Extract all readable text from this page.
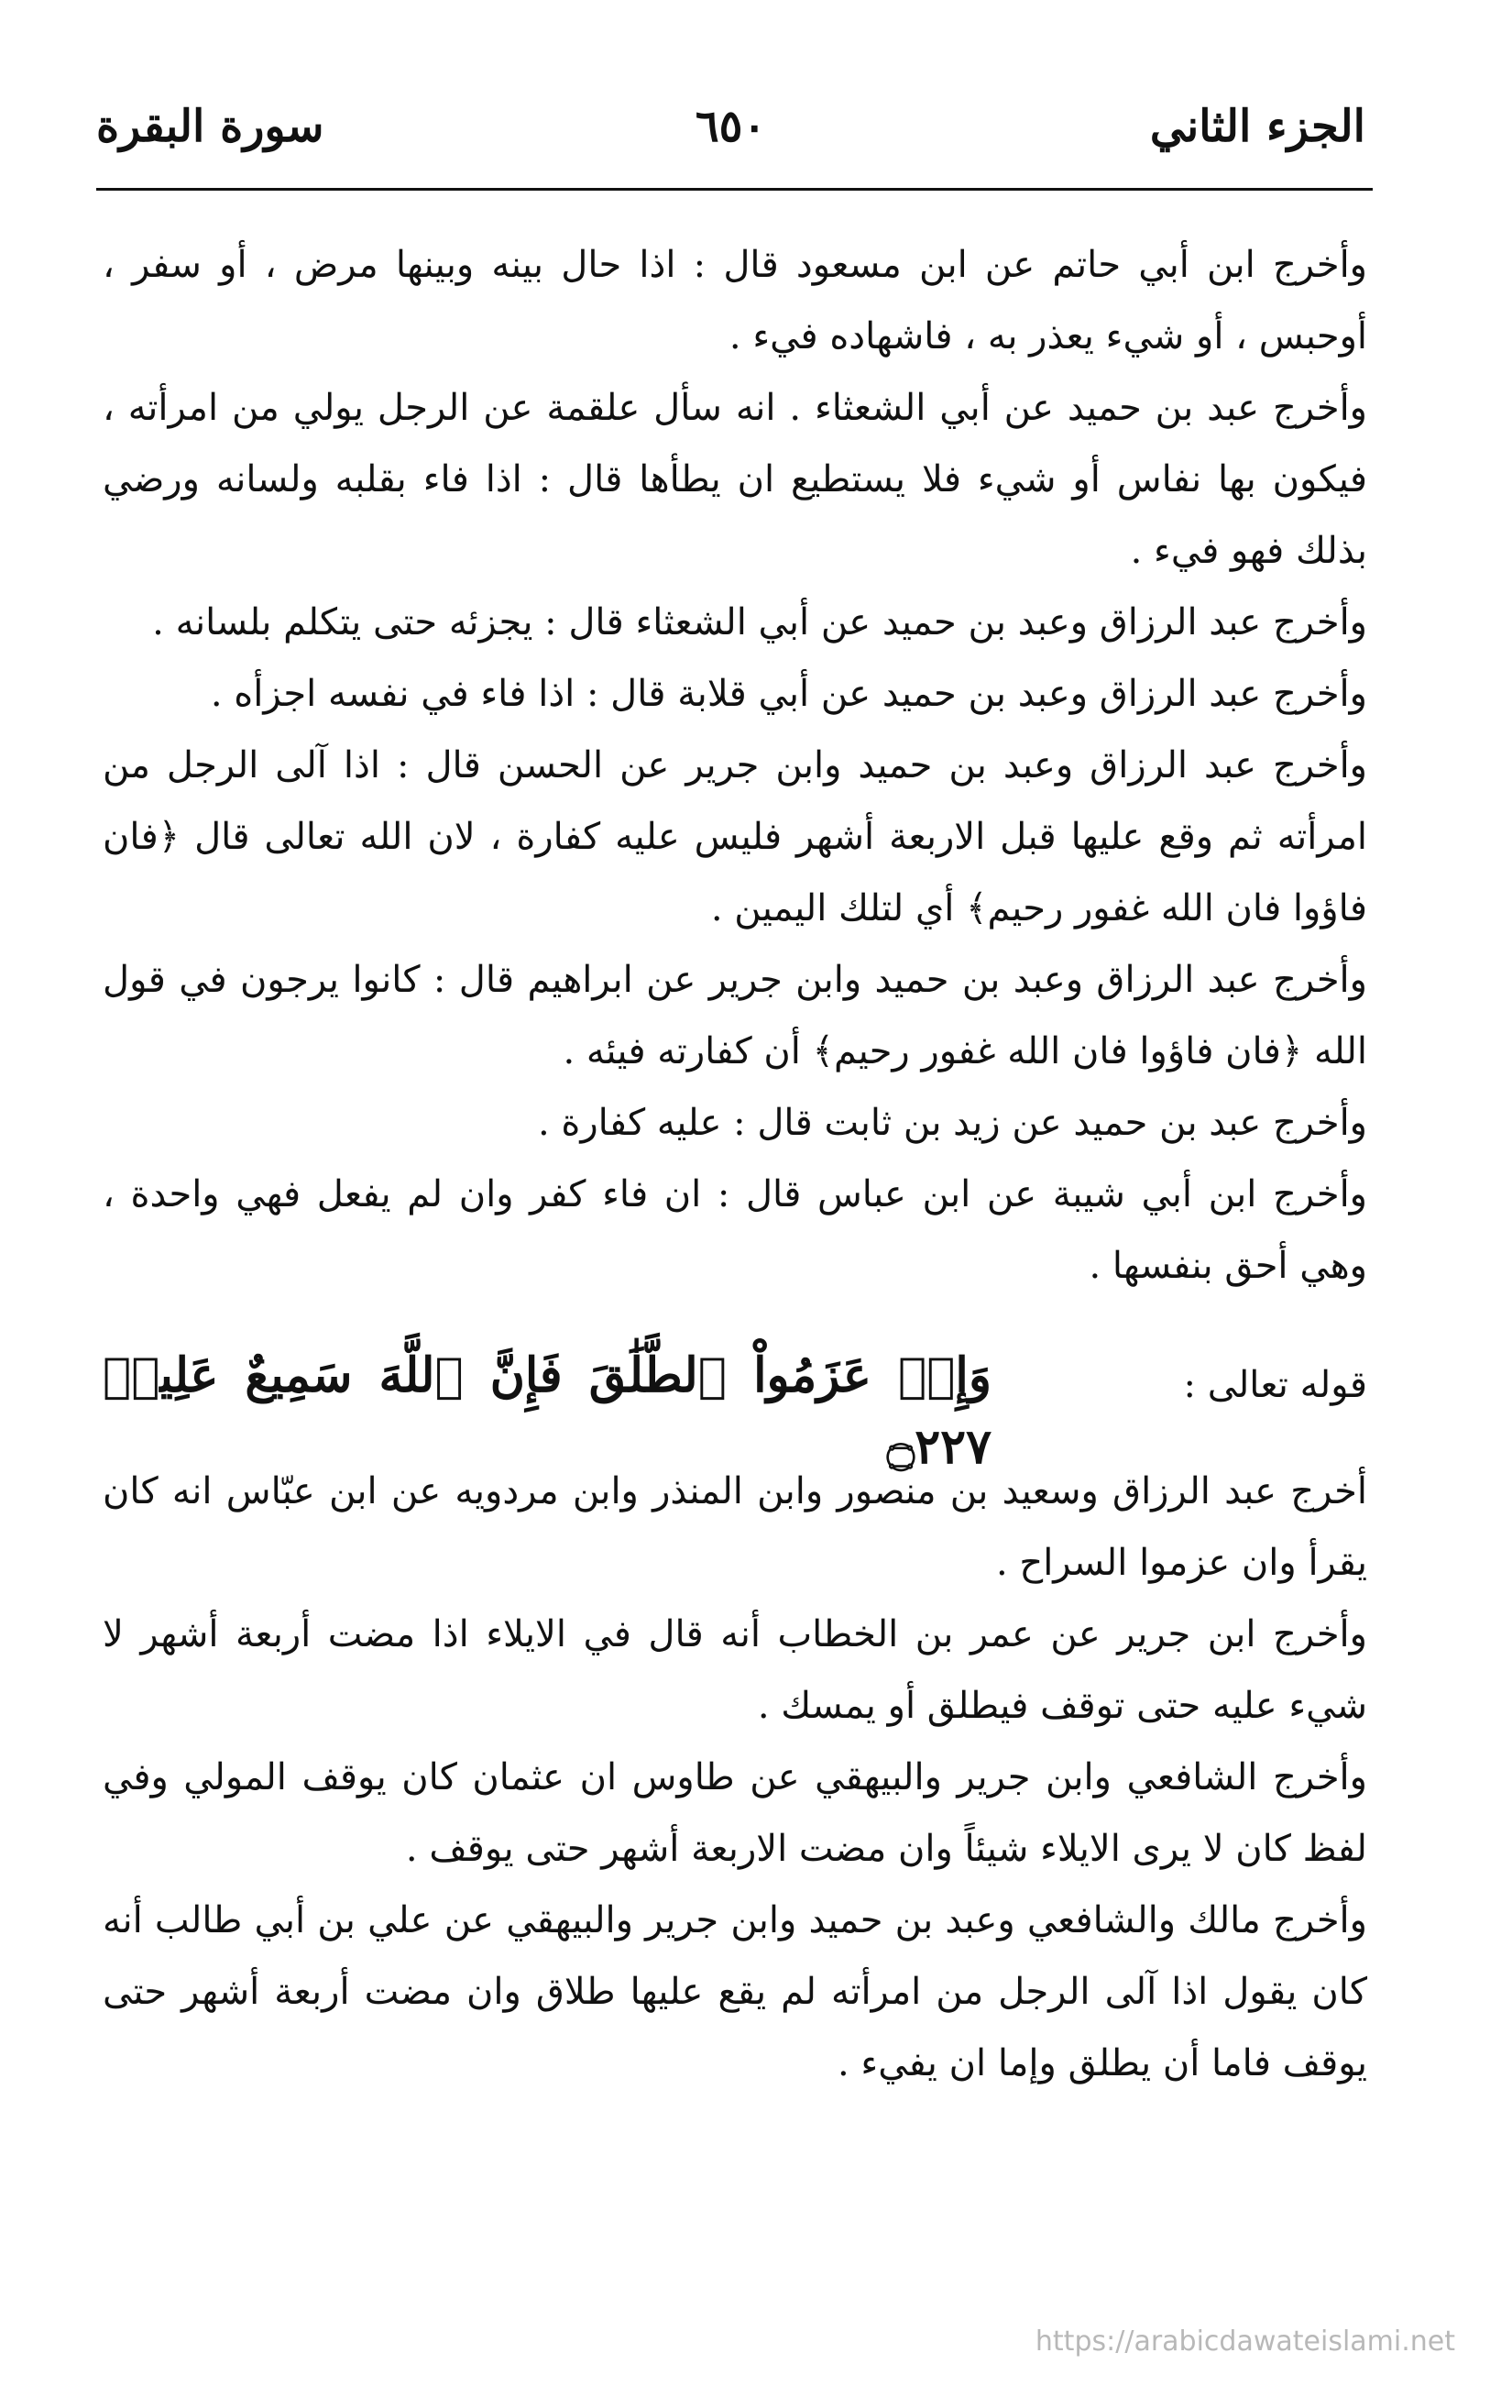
الجزء الثاني
٦٥٠
سورة البقرة

وأخرج ابن أبي حاتم عن ابن مسعود قال : اذا حال بينه وبينها مرض ، أو سفر ، أوحبس ، أو شيء يعذر به ، فاشهاده فيء .

وأخرج عبد بن حميد عن أبي الشعثاء . انه سأل علقمة عن الرجل يولي من امرأته ، فيكون بها نفاس أو شيء فلا يستطيع ان يطأها قال : اذا فاء بقلبه ولسانه ورضي بذلك فهو فيء .

وأخرج عبد الرزاق وعبد بن حميد عن أبي الشعثاء قال : يجزئه حتى يتكلم بلسانه .

وأخرج عبد الرزاق وعبد بن حميد عن أبي قلابة قال : اذا فاء في نفسه اجزأه .

وأخرج عبد الرزاق وعبد بن حميد وابن جرير عن الحسن قال : اذا آلى الرجل من امرأته ثم وقع عليها قبل الاربعة أشهر فليس عليه كفارة ، لان الله تعالى قال ﴿فان فاؤوا فان الله غفور رحيم﴾ أي لتلك اليمين .

وأخرج عبد الرزاق وعبد بن حميد وابن جرير عن ابراهيم قال : كانوا يرجون في قول الله ﴿فان فاؤوا فان الله غفور رحيم﴾ أن كفارته فيئه .

وأخرج عبد بن حميد عن زيد بن ثابت قال : عليه كفارة .

وأخرج ابن أبي شيبة عن ابن عباس قال : ان فاء كفر وان لم يفعل فهي واحدة ، وهي أحق بنفسها .

قوله تعالى :
وَإِنۡ عَزَمُواْ ٱلطَّلَٰقَ فَإِنَّ ٱللَّهَ سَمِيعٌ عَلِيمٞ ۝٢٢٧

أخرج عبد الرزاق وسعيد بن منصور وابن المنذر وابن مردويه عن ابن عبّاس انه كان يقرأ وان عزموا السراح .

وأخرج ابن جرير عن عمر بن الخطاب أنه قال في الايلاء اذا مضت أربعة أشهر لا شيء عليه حتى توقف فيطلق أو يمسك .

وأخرج الشافعي وابن جرير والبيهقي عن طاوس ان عثمان كان يوقف المولي وفي لفظ كان لا يرى الايلاء شيئاً وان مضت الاربعة أشهر حتى يوقف .

وأخرج مالك والشافعي وعبد بن حميد وابن جرير والبيهقي عن علي بن أبي طالب أنه كان يقول اذا آلى الرجل من امرأته لم يقع عليها طلاق وان مضت أربعة أشهر حتى يوقف فاما أن يطلق وإما ان يفيء .

https://arabicdawateislami.net
